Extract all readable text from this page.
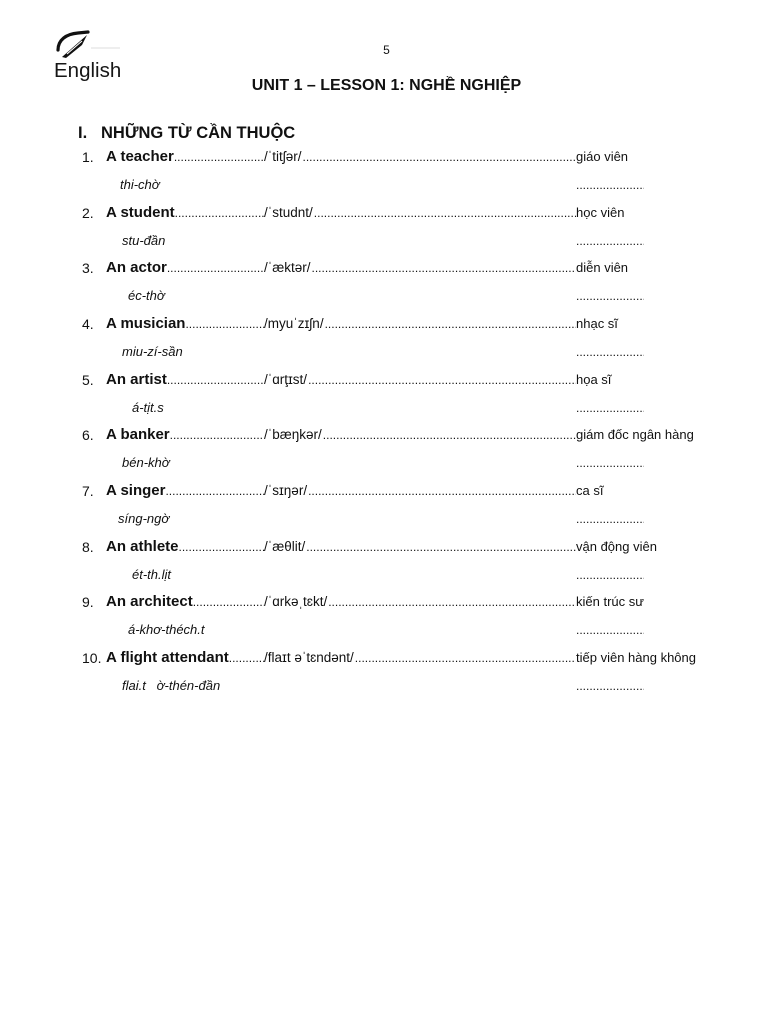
English
5
UNIT 1 – LESSON 1: NGHỀ NGHIỆP
I. NHỮNG TỪ CẦN THUỘC
1. A teacher .....	/ˈtitʃər/ .....	giáo viên
thi-chờ
.....
2. A student .....	/ˈstudnt/ .....	học viên
stu-đần
.....
3. An actor .....	/ˈæktər/ .....	diễn viên
éc-thờ
.....
4. A musician .....	/myuˈzɪʃn/ .....	nhạc sĩ
miu-zí-sần
.....
5. An artist .....	/ˈɑrţɪst/ .....	họa sĩ
á-tịt.s
.....
6. A banker .....	/ˈbæŋkər/ .....	giám đốc ngân hàng
bén-khờ
.....
7. A singer .....	/ˈsɪŋər/ .....	ca sĩ
síng-ngờ
.....
8. An athlete .....	/ˈæθlit/ .....	vận động viên
ét-th.lịt
.....
9. An architect .....	/ˈɑrkəˌtɛkt/ .....	kiến trúc sư
á-khơ-théch.t
.....
10. A flight attendant .....	/flaɪt əˈtɛndənt/ .....	tiếp viên hàng không
flai.t   ờ-thén-đần
.....
